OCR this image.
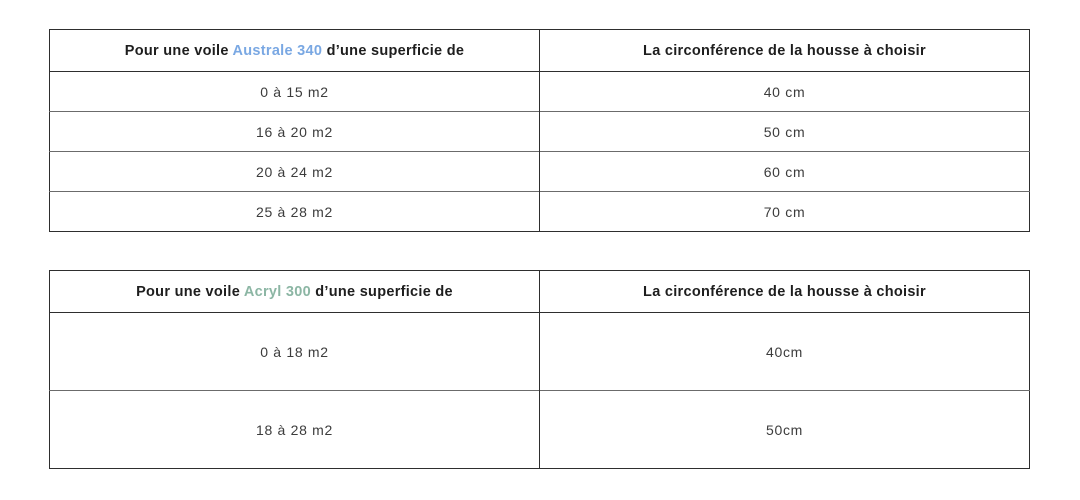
Pour une voile Australe 340 d’une superficie de	La circonférence de la housse à choisir
0 à 15 m2	40 cm
16 à 20 m2	50 cm
20 à 24 m2	60 cm
25 à 28 m2	70 cm
Pour une voile Acryl 300 d’une superficie de	La circonférence de la housse à choisir
0 à 18 m2	40cm
18 à 28 m2	50cm
